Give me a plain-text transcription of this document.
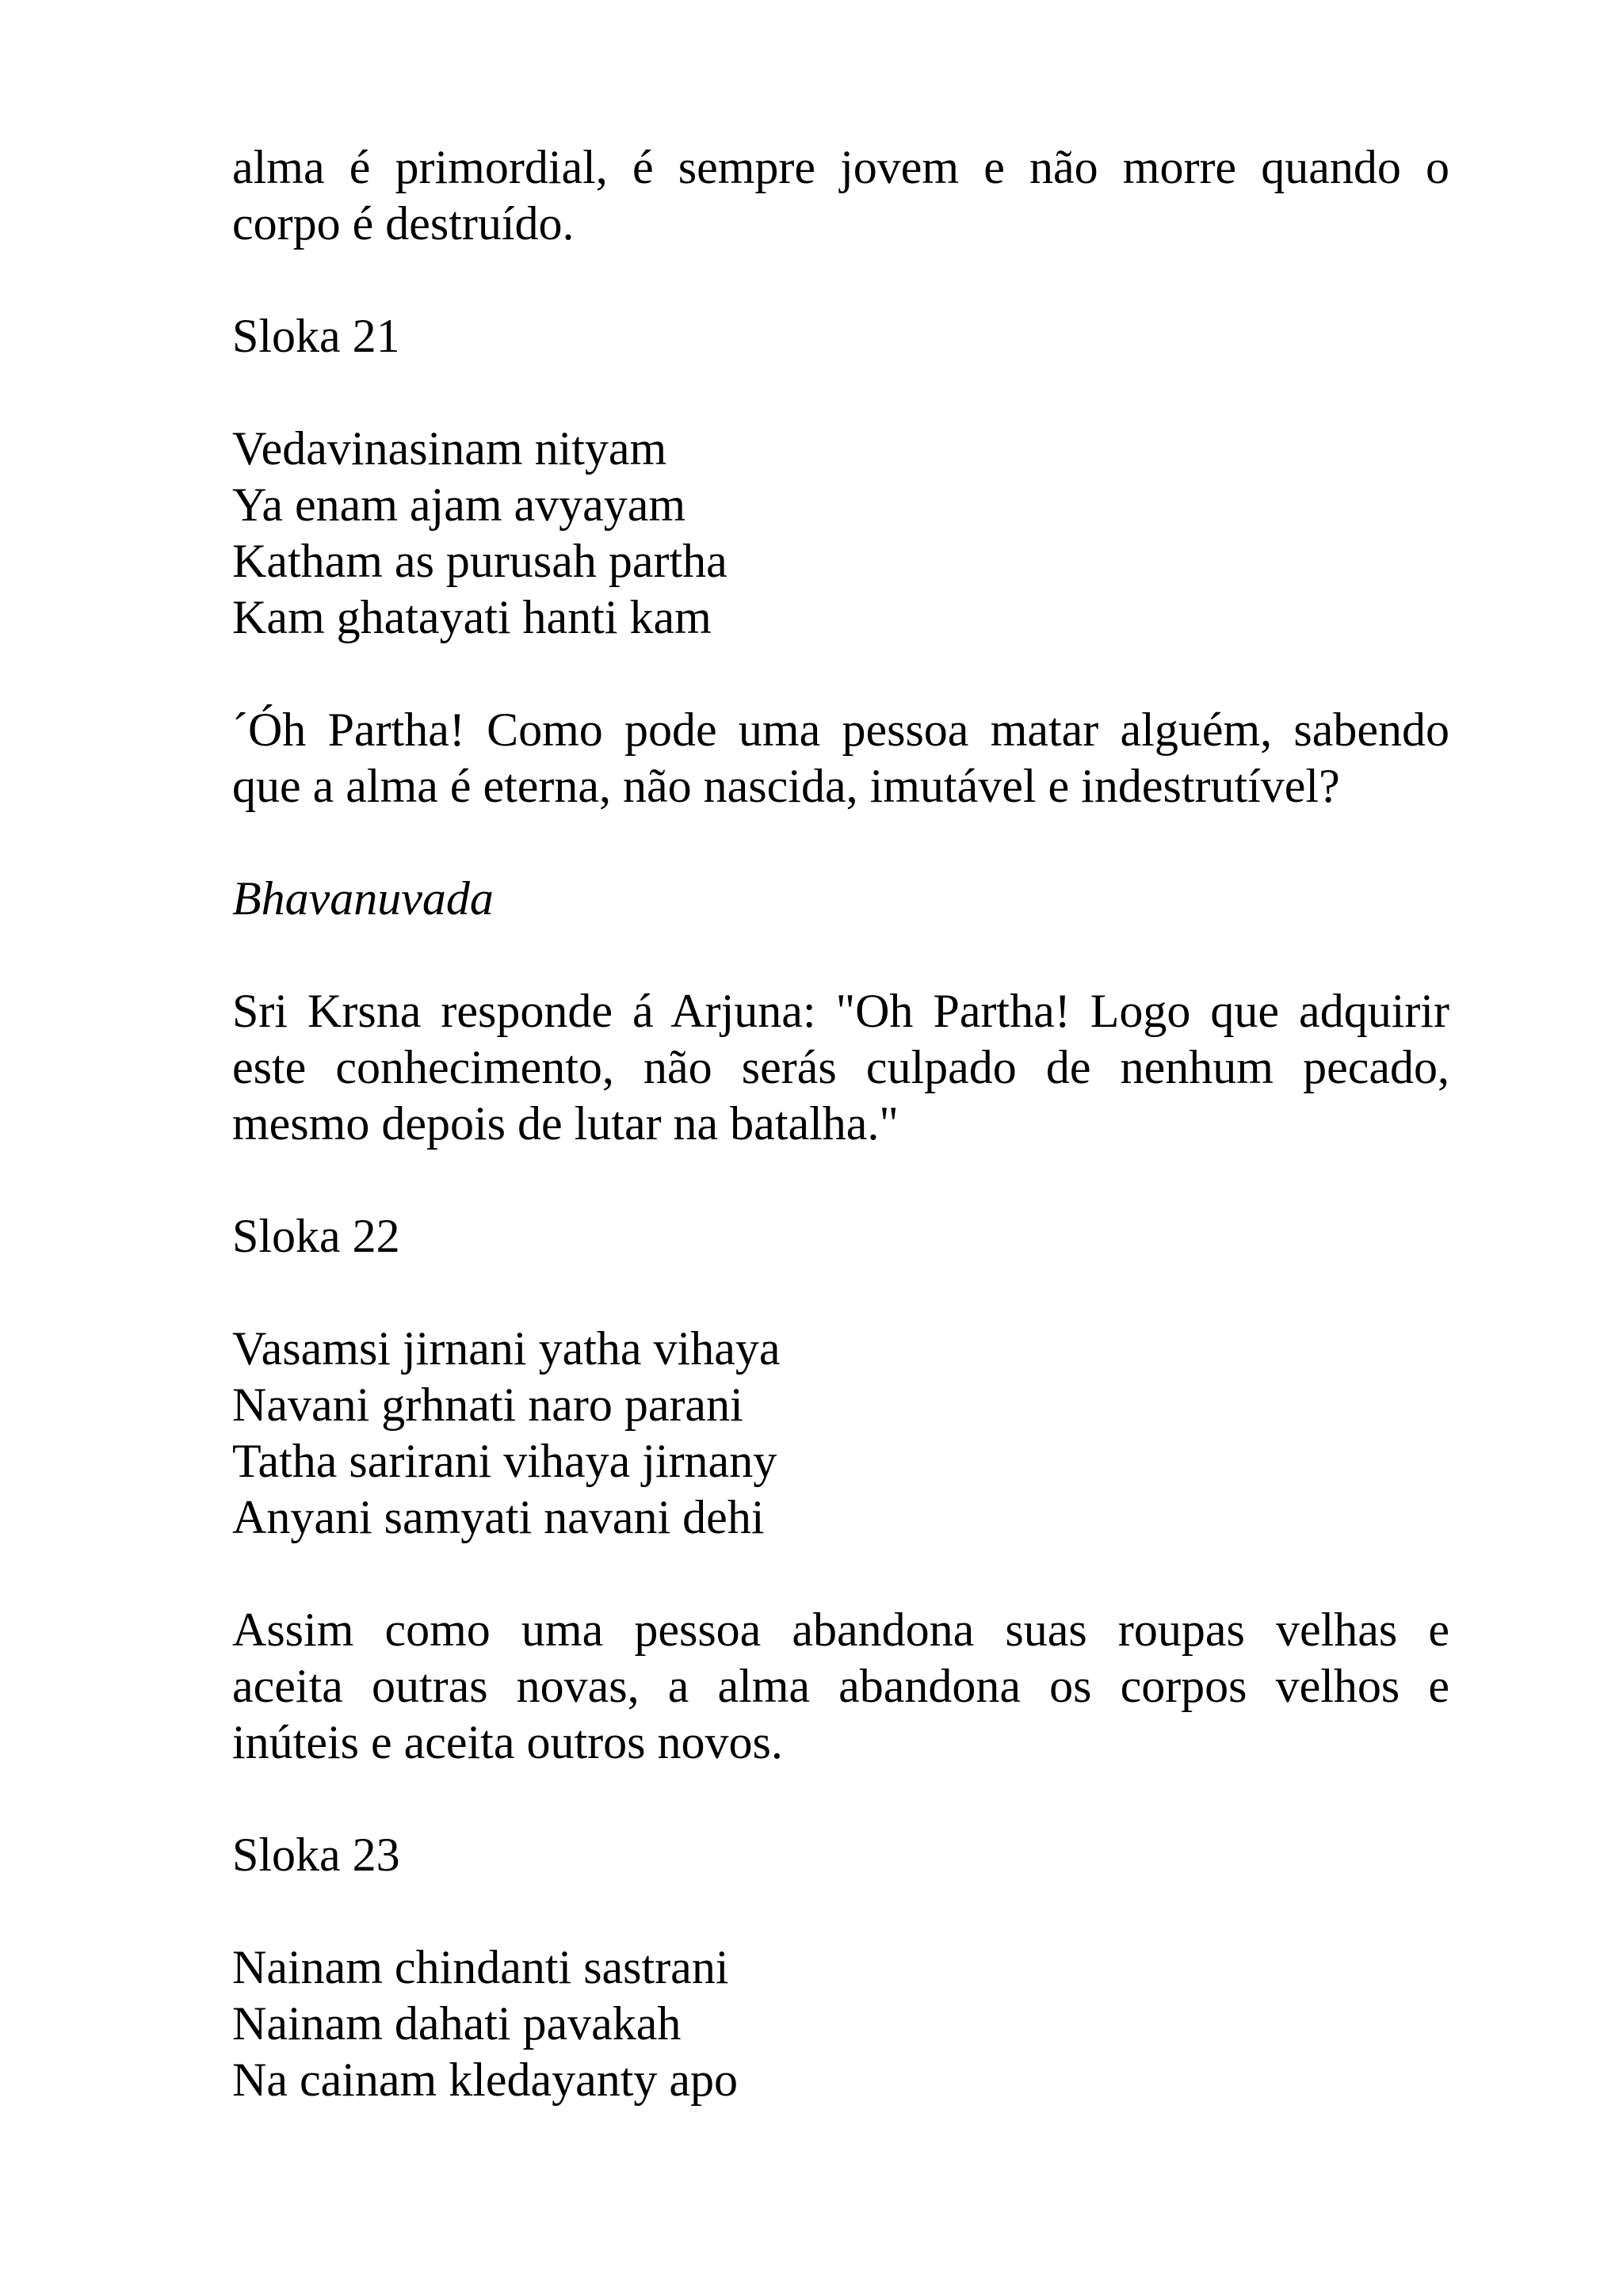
alma é primordial, é sempre jovem e não morre quando o
corpo é destruído.

Sloka 21

Vedavinasinam nityam
Ya enam ajam avyayam
Katham as purusah partha
Kam ghatayati hanti kam

´Óh Partha! Como pode uma pessoa matar alguém, sabendo
que a alma é eterna, não nascida, imutável e indestrutível?

Bhavanuvada

Sri Krsna responde á Arjuna: "Oh Partha! Logo que adquirir
este conhecimento, não serás culpado de nenhum pecado,
mesmo depois de lutar na batalha."

Sloka 22

Vasamsi jirnani yatha vihaya
Navani grhnati naro parani
Tatha sarirani vihaya jirnany
Anyani samyati navani dehi

Assim como uma pessoa abandona suas roupas velhas e
aceita outras novas, a alma abandona os corpos velhos e
inúteis e aceita outros novos.

Sloka 23

Nainam chindanti sastrani
Nainam dahati pavakah
Na cainam kledayanty apo
